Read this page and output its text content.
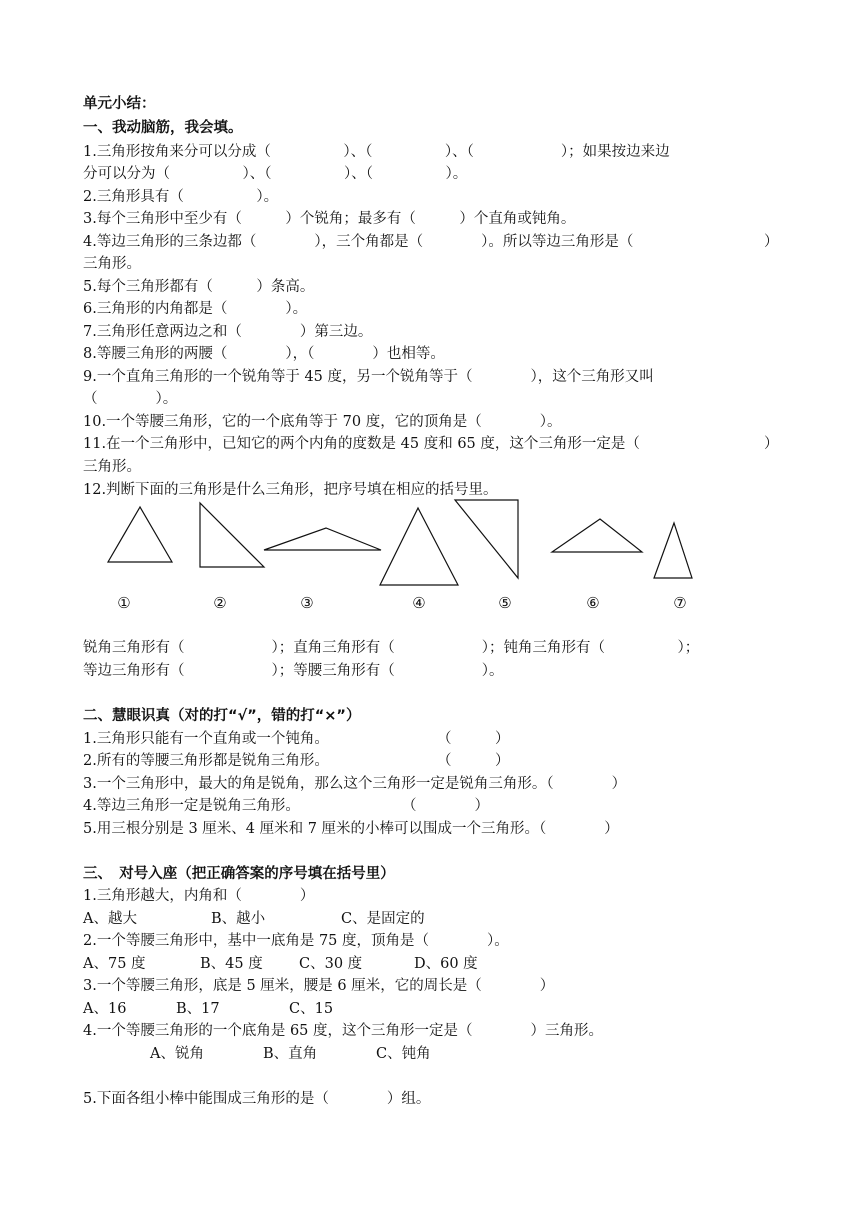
单元小结：
一、我动脑筋，我会填。
1.三角形按角来分可以分成（　　　　　）、（　　　　　）、（　　　　　　）；如果按边来边
分可以分为（　　　　　）、（　　　　　）、（　　　　　）。
2.三角形具有（　　　　　）。
3.每个三角形中至少有（　　　）个锐角；最多有（　　　）个直角或钝角。
4.等边三角形的三条边都（　　　　），三个角都是（　　　　）。所以等边三角形是（	）
三角形。
5.每个三角形都有（　　　）条高。
6.三角形的内角都是（　　　　）。
7.三角形任意两边之和（　　　　）第三边。
8.等腰三角形的两腰（　　　　），（　　　　）也相等。
9.一个直角三角形的一个锐角等于 45 度，另一个锐角等于（　　　　），这个三角形又叫
（　　　　）。
10.一个等腰三角形，它的一个底角等于 70 度，它的顶角是（　　　　）。
11.在一个三角形中，已知它的两个内角的度数是 45 度和 65 度，这个三角形一定是（	）
三角形。
12.判断下面的三角形是什么三角形，把序号填在相应的括号里。
①	②	③	④	⑤	⑥	⑦
锐角三角形有（　　　　　　）；直角三角形有（　　　　　　）；钝角三角形有（　　　　　）；
等边三角形有（　　　　　　）；等腰三角形有（　　　　　　）。
二、慧眼识真（对的打“√”，错的打“×”）
1.三角形只能有一个直角或一个钝角。	（　　　）
2.所有的等腰三角形都是锐角三角形。	（　　　）
3.一个三角形中，最大的角是锐角，那么这个三角形一定是锐角三角形。（　　　　）
4.等边三角形一定是锐角三角形。	（　　　　）
5.用三根分别是 3 厘米、4 厘米和 7 厘米的小棒可以围成一个三角形。（　　　　）
三、　对号入座（把正确答案的序号填在括号里）
1.三角形越大，内角和（　　　　）
A、越大	B、越小	C、是固定的
2.一个等腰三角形中，基中一底角是 75 度，顶角是（　　　　）。
A、75 度	B、45 度	C、30 度	D、60 度
3.一个等腰三角形，底是 5 厘米，腰是 6 厘米，它的周长是（　　　　）
A、16	B、17	C、15
4.一个等腰三角形的一个底角是 65 度，这个三角形一定是（　　　　）三角形。
A、锐角	B、直角	C、钝角
5.下面各组小棒中能围成三角形的是（　　　　）组。
